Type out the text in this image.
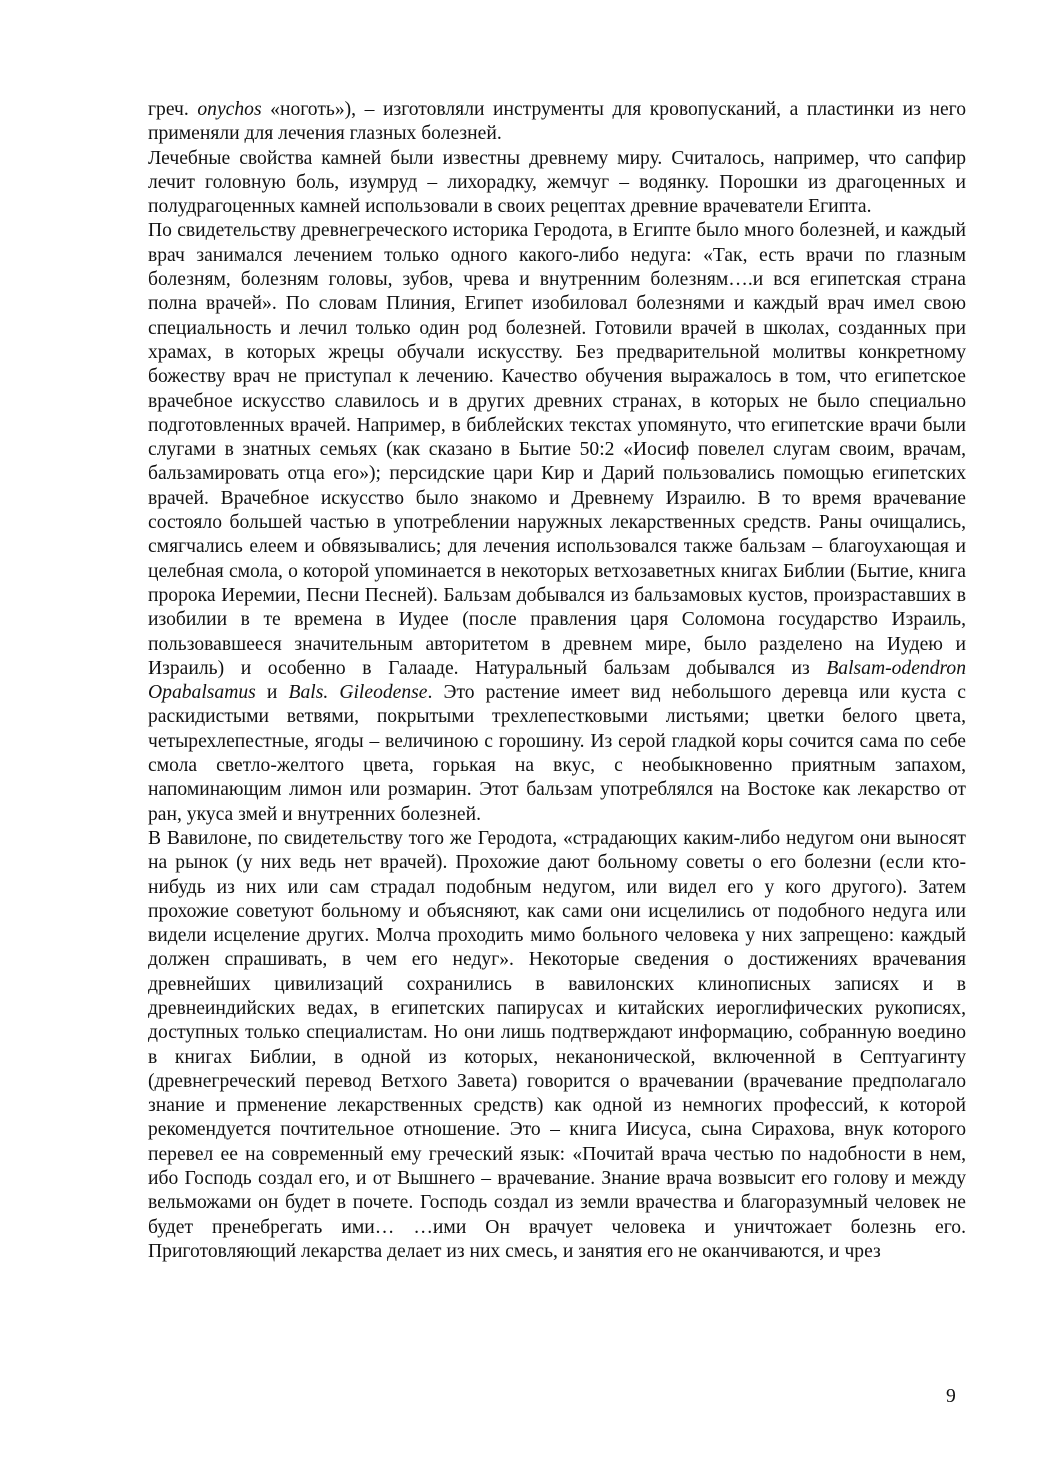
греч. onychos «ноготь»), – изготовляли инструменты для кровопусканий, а пластинки из него применяли для лечения глазных болезней.

Лечебные свойства камней были известны древнему миру. Считалось, например, что сапфир лечит головную боль, изумруд – лихорадку, жемчуг – водянку. Порошки из драгоценных и полудрагоценных камней использовали в своих рецептах древние врачеватели Египта.

По свидетельству древнегреческого историка Геродота, в Египте было много болезней, и каждый врач занимался лечением только одного какого-либо недуга: «Так, есть врачи по глазным болезням, болезням головы, зубов, чрева и внутренним болезням….и вся египетская страна полна врачей». По словам Плиния, Египет изобиловал болезнями и каждый врач имел свою специальность и лечил только один род болезней. Готовили врачей в школах, созданных при храмах, в которых жрецы обучали искусству. Без предварительной молитвы конкретному божеству врач не приступал к лечению. Качество обучения выражалось в том, что египетское врачебное искусство славилось и в других древних странах, в которых не было специально подготовленных врачей. Например, в библейских текстах упомянуто, что египетские врачи были слугами в знатных семьях (как сказано в Бытие 50:2 «Иосиф повелел слугам своим, врачам, бальзамировать отца его»); персидские цари Кир и Дарий пользовались помощью египетских врачей. Врачебное искусство было знакомо и Древнему Израилю. В то время врачевание состояло большей частью в употреблении наружных лекарственных средств. Раны очищались, смягчались елеем и обвязывались; для лечения использовался также бальзам – благоухающая и целебная смола, о которой упоминается в некоторых ветхозаветных книгах Библии (Бытие, книга пророка Иеремии, Песни Песней). Бальзам добывался из бальзамовых кустов, произраставших в изобилии в те времена в Иудее (после правления царя Соломона государство Израиль, пользовавшееся значительным авторитетом в древнем мире, было разделено на Иудею и Израиль) и особенно в Галааде. Натуральный бальзам добывался из Balsam-odendron Opabalsamus и Bals. Gileodense. Это растение имеет вид небольшого деревца или куста с раскидистыми ветвями, покрытыми трехлепестковыми листьями; цветки белого цвета, четырехлепестные, ягоды – величиною с горошину. Из серой гладкой коры сочится сама по себе смола светло-желтого цвета, горькая на вкус, с необыкновенно приятным запахом, напоминающим лимон или розмарин. Этот бальзам употреблялся на Востоке как лекарство от ран, укуса змей и внутренних болезней.

В Вавилоне, по свидетельству того же Геродота, «страдающих каким-либо недугом они выносят на рынок (у них ведь нет врачей). Прохожие дают больному советы о его болезни (если кто-нибудь из них или сам страдал подобным недугом, или видел его у кого другого). Затем прохожие советуют больному и объясняют, как сами они исцелились от подобного недуга или видели исцеление других. Молча проходить мимо больного человека у них запрещено: каждый должен спрашивать, в чем его недуг». Некоторые сведения о достижениях врачевания древнейших цивилизаций сохранились в вавилонских клинописных записях и в древнеиндийских ведах, в египетских папирусах и китайских иероглифических рукописях, доступных только специалистам. Но они лишь подтверждают информацию, собранную воедино в книгах Библии, в одной из которых, неканонической, включенной в Септуагинту (древнегреческий перевод Ветхого Завета) говорится о врачевании (врачевание предполагало знание и прменение лекарственных средств) как одной из немногих профессий, к которой рекомендуется почтительное отношение. Это – книга Иисуса, сына Сирахова, внук которого перевел ее на современный ему греческий язык: «Почитай врача честью по надобности в нем, ибо Господь создал его, и от Вышнего – врачевание. Знание врача возвысит его голову и между вельможами он будет в почете. Господь создал из земли врачества и благоразумный человек не будет пренебрегать ими… …ими Он врачует человека и уничтожает болезнь его. Приготовляющий лекарства делает из них смесь, и занятия его не оканчиваются, и чрез

9
